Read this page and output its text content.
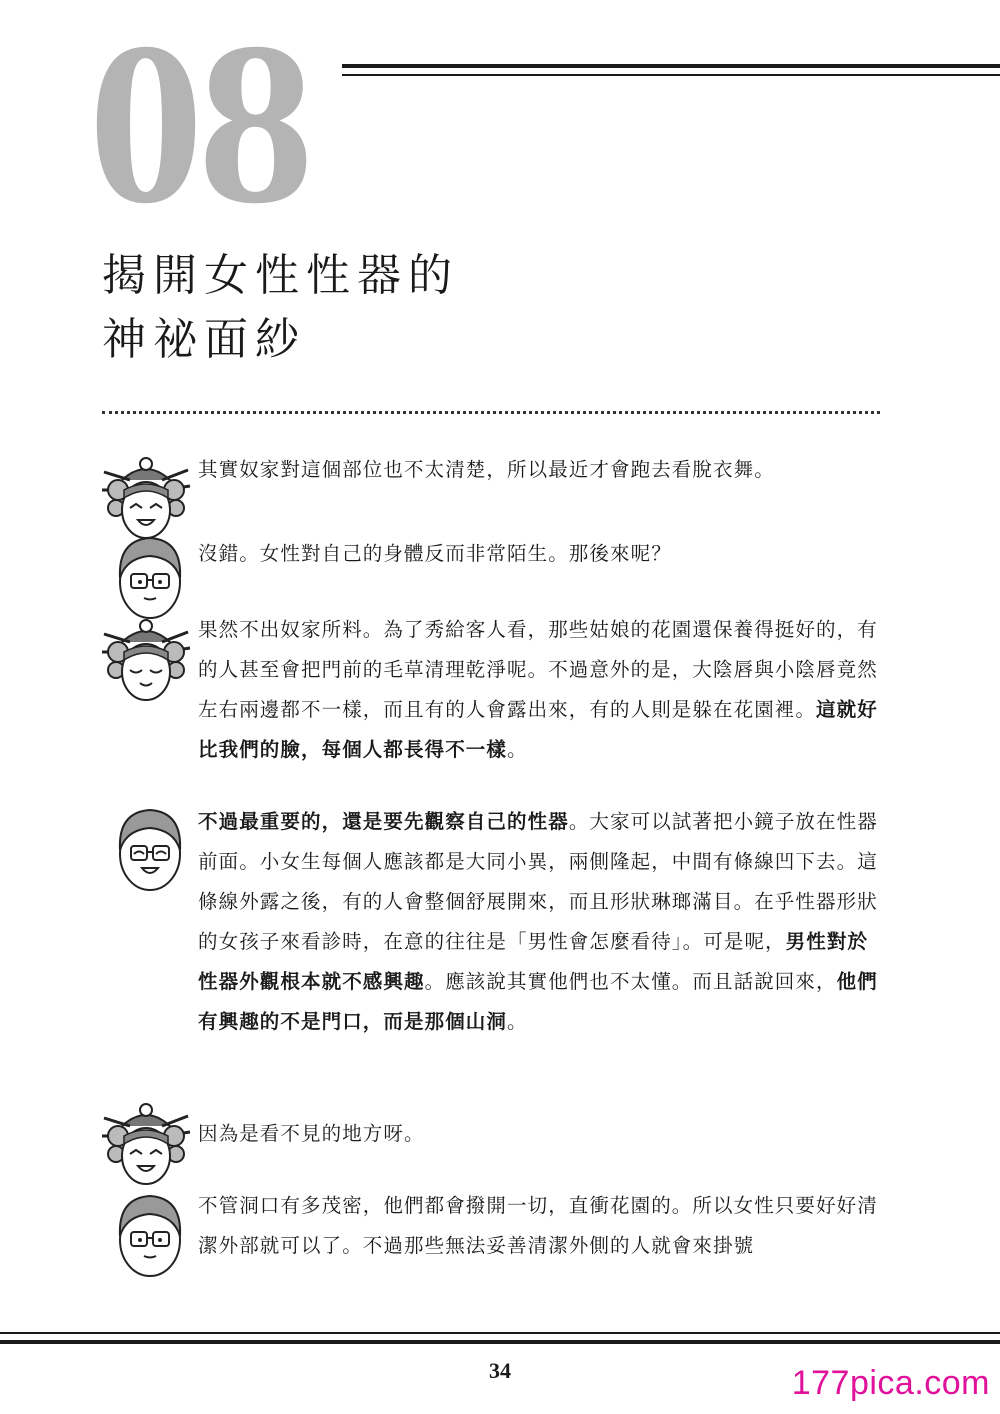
08
揭開女性性器的
神祕面紗
其實奴家對這個部位也不太清楚，所以最近才會跑去看脫衣舞。
沒錯。女性對自己的身體反而非常陌生。那後來呢？
果然不出奴家所料。為了秀給客人看，那些姑娘的花園還保養得挺好的，有的人甚至會把門前的毛草清理乾淨呢。不過意外的是，大陰唇與小陰唇竟然左右兩邊都不一樣，而且有的人會露出來，有的人則是躲在花園裡。這就好比我們的臉，每個人都長得不一樣。
不過最重要的，還是要先觀察自己的性器。大家可以試著把小鏡子放在性器前面。小女生每個人應該都是大同小異，兩側隆起，中間有條線凹下去。這條線外露之後，有的人會整個舒展開來，而且形狀琳瑯滿目。在乎性器形狀的女孩子來看診時，在意的往往是「男性會怎麼看待」。可是呢，男性對於性器外觀根本就不感興趣。應該說其實他們也不太懂。而且話說回來，他們有興趣的不是門口，而是那個山洞。
因為是看不見的地方呀。
不管洞口有多茂密，他們都會撥開一切，直衝花園的。所以女性只要好好清潔外部就可以了。不過那些無法妥善清潔外側的人就會來掛號
34	177pica.com
